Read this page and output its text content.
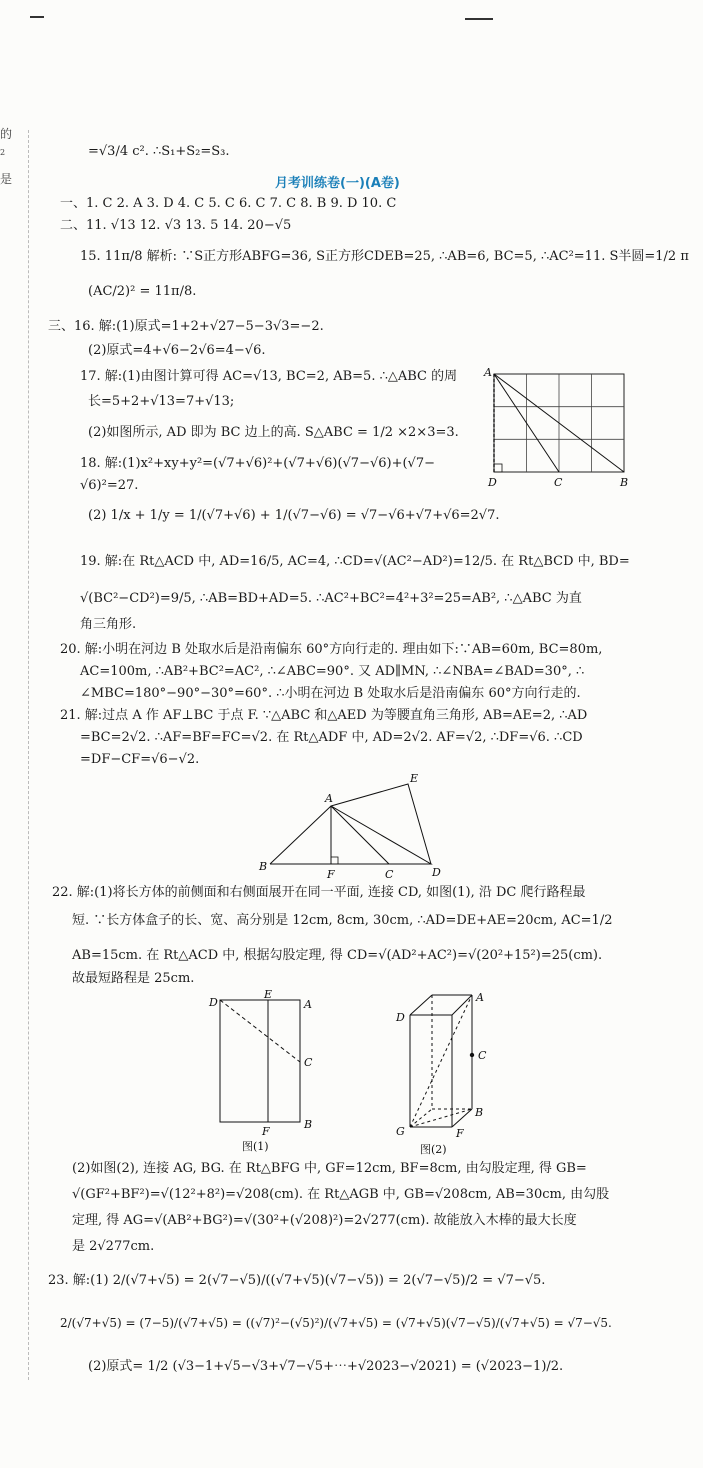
的
2
是	月考训练卷(一)(A卷)
=√3/4 c². ∴S₁+S₂=S₃.
一、1. C 2. A 3. D 4. C 5. C 6. C 7. C 8. B 9. D 10. C
二、11. √13 12. √3 13. 5 14. 20−√5
15. 11π/8 解析: ∵S正方形ABFG=36, S正方形CDEB=25, ∴AB=6, BC=5, ∴AC²=11. S半圆=1/2 π
(AC/2)² = 11π/8.
三、16. 解:(1)原式=1+2+√27−5−3√3=−2.
(2)原式=4+√6−2√6=4−√6.
17. 解:(1)由图计算可得 AC=√13, BC=2, AB=5. ∴△ABC 的周
长=5+2+√13=7+√13;
(2)如图所示, AD 即为 BC 边上的高. S△ABC = 1/2 ×2×3=3.
18. 解:(1)x²+xy+y²=(√7+√6)²+(√7+√6)(√7−√6)+(√7−
√6)²=27.
(2) 1/x + 1/y = 1/(√7+√6) + 1/(√7−√6) = √7−√6+√7+√6=2√7.
19. 解:在 Rt△ACD 中, AD=16/5, AC=4, ∴CD=√(AC²−AD²)=12/5. 在 Rt△BCD 中, BD=
√(BC²−CD²)=9/5, ∴AB=BD+AD=5. ∴AC²+BC²=4²+3²=25=AB², ∴△ABC 为直
角三角形.
20. 解:小明在河边 B 处取水后是沿南偏东 60°方向行走的. 理由如下:∵AB=60m, BC=80m,
AC=100m, ∴AB²+BC²=AC², ∴∠ABC=90°. 又 AD∥MN, ∴∠NBA=∠BAD=30°, ∴
∠MBC=180°−90°−30°=60°. ∴小明在河边 B 处取水后是沿南偏东 60°方向行走的.
21. 解:过点 A 作 AF⊥BC 于点 F. ∵△ABC 和△AED 为等腰直角三角形, AB=AE=2, ∴AD
=BC=2√2. ∴AF=BF=FC=√2. 在 Rt△ADF 中, AD=2√2. AF=√2, ∴DF=√6. ∴CD
=DF−CF=√6−√2.
22. 解:(1)将长方体的前侧面和右侧面展开在同一平面, 连接 CD, 如图(1), 沿 DC 爬行路程最
短. ∵长方体盒子的长、宽、高分别是 12cm, 8cm, 30cm, ∴AD=DE+AE=20cm, AC=1/2
AB=15cm. 在 Rt△ACD 中, 根据勾股定理, 得 CD=√(AD²+AC²)=√(20²+15²)=25(cm).
故最短路程是 25cm.
(2)如图(2), 连接 AG, BG. 在 Rt△BFG 中, GF=12cm, BF=8cm, 由勾股定理, 得 GB=
√(GF²+BF²)=√(12²+8²)=√208(cm). 在 Rt△AGB 中, GB=√208cm, AB=30cm, 由勾股
定理, 得 AG=√(AB²+BG²)=√(30²+(√208)²)=2√277(cm). 故能放入木棒的最大长度
是 2√277cm.
23. 解:(1) 2/(√7+√5) = 2(√7−√5)/((√7+√5)(√7−√5)) = 2(√7−√5)/2 = √7−√5.
2/(√7+√5) = (7−5)/(√7+√5) = ((√7)²−(√5)²)/(√7+√5) = (√7+√5)(√7−√5)/(√7+√5) = √7−√5.
(2)原式= 1/2 (√3−1+√5−√3+√7−√5+⋯+√2023−√2021) = (√2023−1)/2.
A
D	C	B
E
A
B
F	C	D
D
E
A
C
F
B
图(1)
A
D
C
B
G	F
图(2)
